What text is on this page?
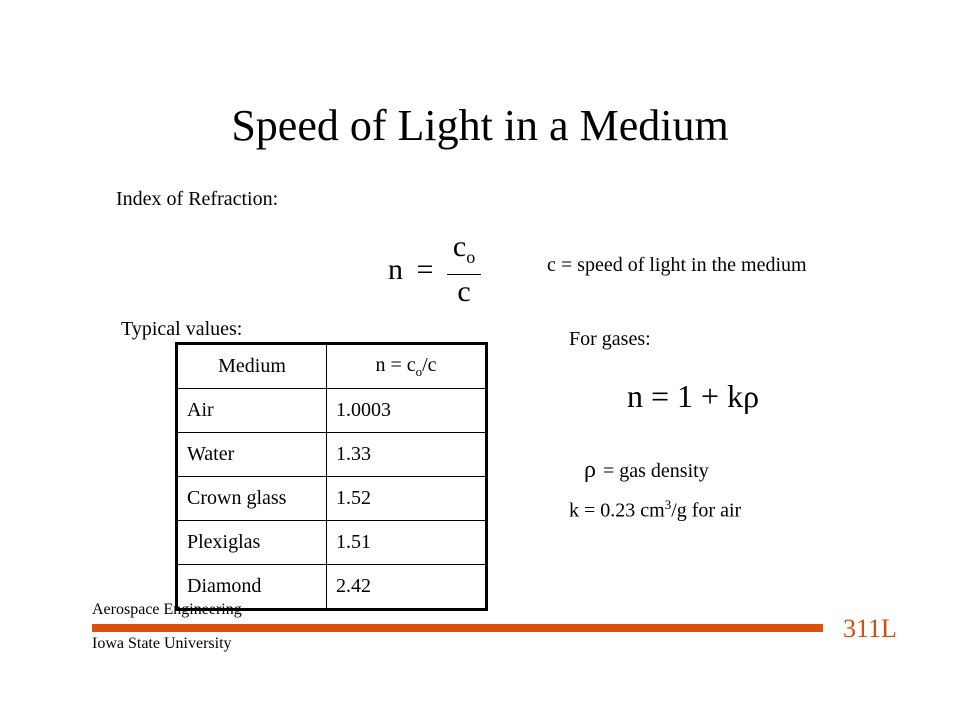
Speed of Light in a Medium
Index of Refraction:
$n = \frac{c_o}{c}$	c = speed of light in the medium
Typical values:
Medium	$n = c_o/c$
Air	1.0003
Water	1.33
Crown glass	1.52
Plexiglas	1.51
Diamond	2.42
For gases:
n = 1 + kρ
ρ = gas density
k = 0.23 $cm^3/g$ for air
Aerospace Engineering
Iowa State University
311L
